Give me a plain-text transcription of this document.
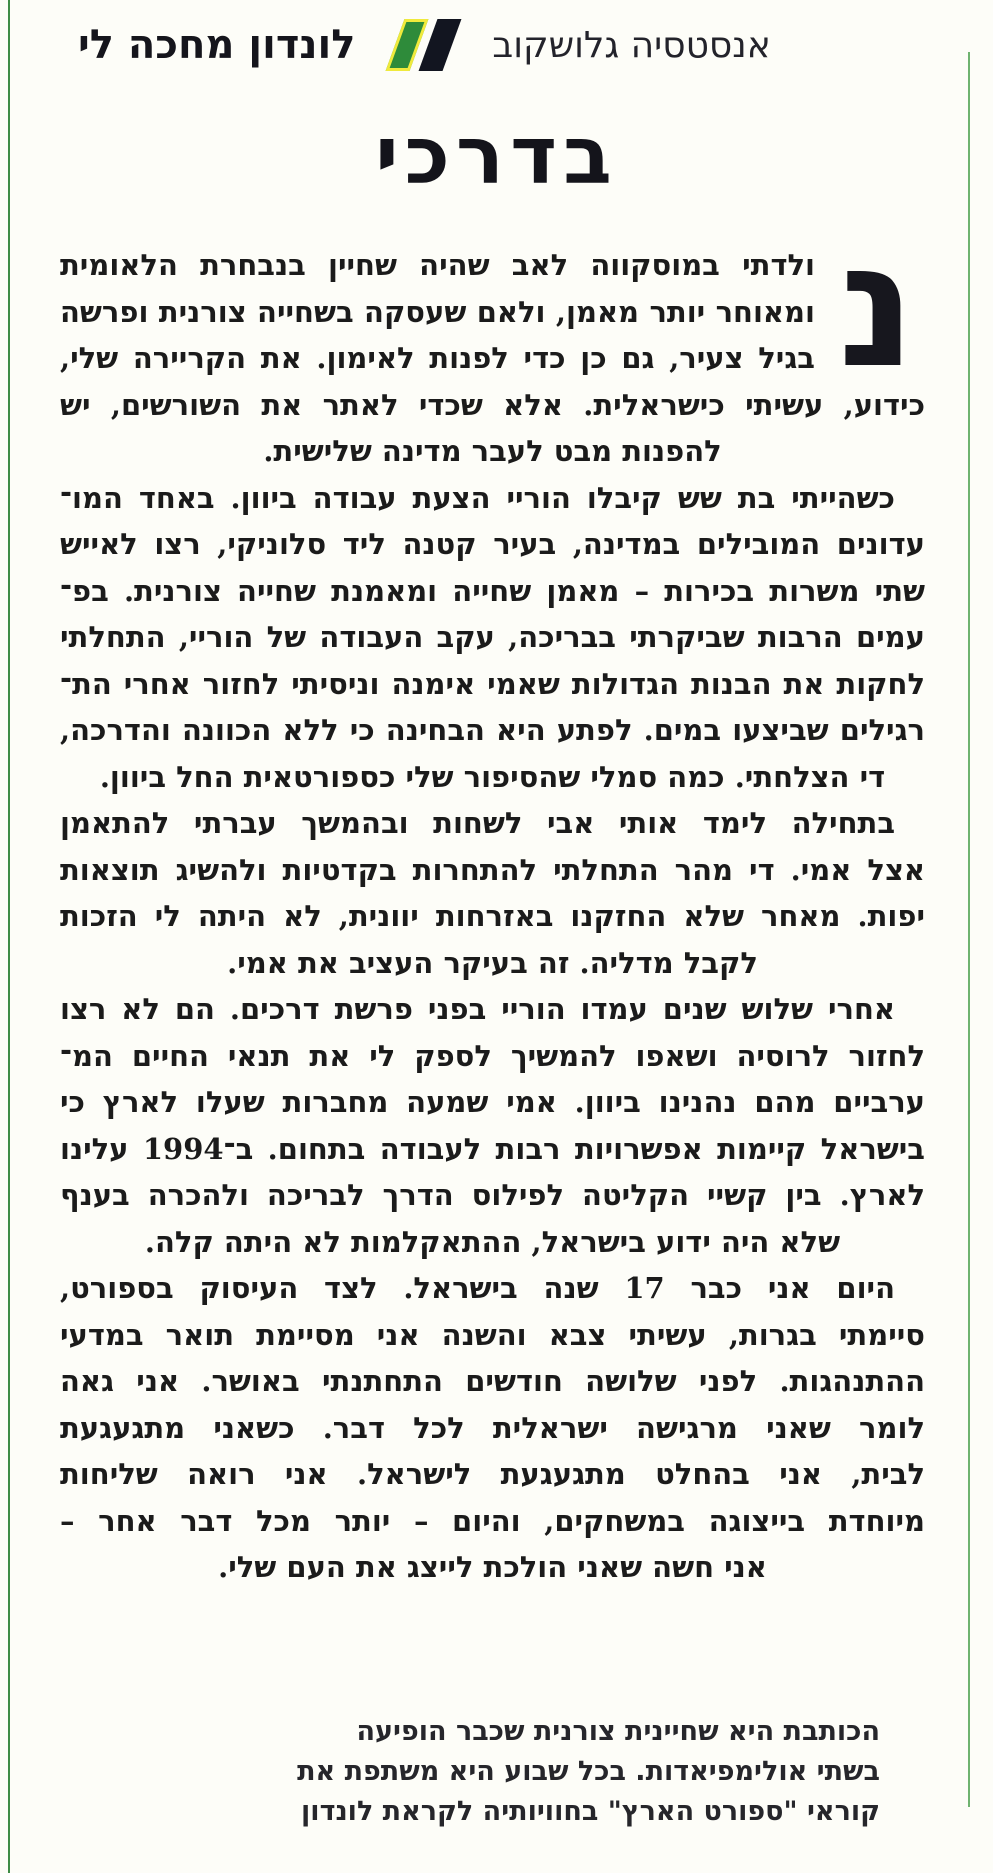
לונדון מחכה לי	אנסטסיה גלושקוב
בדרכי
נ
ולדתי במוסקווה לאב שהיה שחיין בנבחרת הלאומית
ומאוחר יותר מאמן, ולאם שעסקה בשחייה צורנית ופרשה
בגיל צעיר, גם כן כדי לפנות לאימון. את הקריירה שלי,
כידוע, עשיתי כישראלית. אלא שכדי לאתר את השורשים, יש
להפנות מבט לעבר מדינה שלישית.
כשהייתי בת שש קיבלו הוריי הצעת עבודה ביוון. באחד המו־
עדונים המובילים במדינה, בעיר קטנה ליד סלוניקי, רצו לאייש
שתי משרות בכירות – מאמן שחייה ומאמנת שחייה צורנית. בפ־
עמים הרבות שביקרתי בבריכה, עקב העבודה של הוריי, התחלתי
לחקות את הבנות הגדולות שאמי אימנה וניסיתי לחזור אחרי הת־
רגילים שביצעו במים. לפתע היא הבחינה כי ללא הכוונה והדרכה,
די הצלחתי. כמה סמלי שהסיפור שלי כספורטאית החל ביוון.
בתחילה לימד אותי אבי לשחות ובהמשך עברתי להתאמן
אצל אמי. די מהר התחלתי להתחרות בקדטיות ולהשיג תוצאות
יפות. מאחר שלא החזקנו באזרחות יוונית, לא היתה לי הזכות
לקבל מדליה. זה בעיקר העציב את אמי.
אחרי שלוש שנים עמדו הוריי בפני פרשת דרכים. הם לא רצו
לחזור לרוסיה ושאפו להמשיך לספק לי את תנאי החיים המ־
ערביים מהם נהנינו ביוון. אמי שמעה מחברות שעלו לארץ כי
בישראל קיימות אפשרויות רבות לעבודה בתחום. ב־1994 עלינו
לארץ. בין קשיי הקליטה לפילוס הדרך לבריכה ולהכרה בענף
שלא היה ידוע בישראל, ההתאקלמות לא היתה קלה.
היום אני כבר 17 שנה בישראל. לצד העיסוק בספורט,
סיימתי בגרות, עשיתי צבא והשנה אני מסיימת תואר במדעי
ההתנהגות. לפני שלושה חודשים התחתנתי באושר. אני גאה
לומר שאני מרגישה ישראלית לכל דבר. כשאני מתגעגעת
לבית, אני בהחלט מתגעגעת לישראל. אני רואה שליחות
מיוחדת בייצוגה במשחקים, והיום – יותר מכל דבר אחר –
אני חשה שאני הולכת לייצג את העם שלי.
הכותבת היא שחיינית צורנית שכבר הופיעה
בשתי אולימפיאדות. בכל שבוע היא משתפת את
קוראי "ספורט הארץ" בחוויותיה לקראת לונדון
